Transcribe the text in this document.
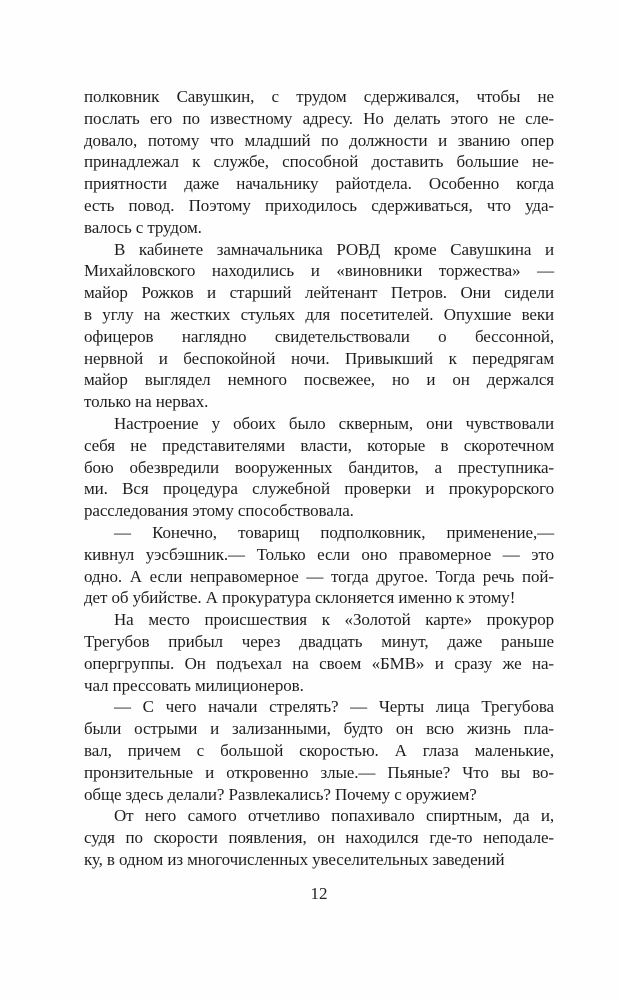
полковник Савушкин, с трудом сдерживался, чтобы не
послать его по известному адресу. Но делать этого не сле-
довало, потому что младший по должности и званию опер
принадлежал к службе, способной доставить большие не-
приятности даже начальнику райотдела. Особенно когда
есть повод. Поэтому приходилось сдерживаться, что уда-
валось с трудом.

В кабинете замначальника РОВД кроме Савушкина и
Михайловского находились и «виновники торжества» —
майор Рожков и старший лейтенант Петров. Они сидели
в углу на жестких стульях для посетителей. Опухшие веки
офицеров наглядно свидетельствовали о бессонной,
нервной и беспокойной ночи. Привыкший к передрягам
майор выглядел немного посвежее, но и он держался
только на нервах.

Настроение у обоих было скверным, они чувствовали
себя не представителями власти, которые в скоротечном
бою обезвредили вооруженных бандитов, а преступника-
ми. Вся процедура служебной проверки и прокурорского
расследования этому способствовала.

— Конечно, товарищ подполковник, применение,—
кивнул уэсбэшник.— Только если оно правомерное — это
одно. А если неправомерное — тогда другое. Тогда речь пой-
дет об убийстве. А прокуратура склоняется именно к этому!

На место происшествия к «Золотой карте» прокурор
Трегубов прибыл через двадцать минут, даже раньше
опергруппы. Он подъехал на своем «БМВ» и сразу же на-
чал прессовать милиционеров.

— С чего начали стрелять? — Черты лица Трегубова
были острыми и зализанными, будто он всю жизнь пла-
вал, причем с большой скоростью. А глаза маленькие,
пронзительные и откровенно злые.— Пьяные? Что вы во-
обще здесь делали? Развлекались? Почему с оружием?

От него самого отчетливо попахивало спиртным, да и,
судя по скорости появления, он находился где-то неподале-
ку, в одном из многочисленных увеселительных заведений

12
